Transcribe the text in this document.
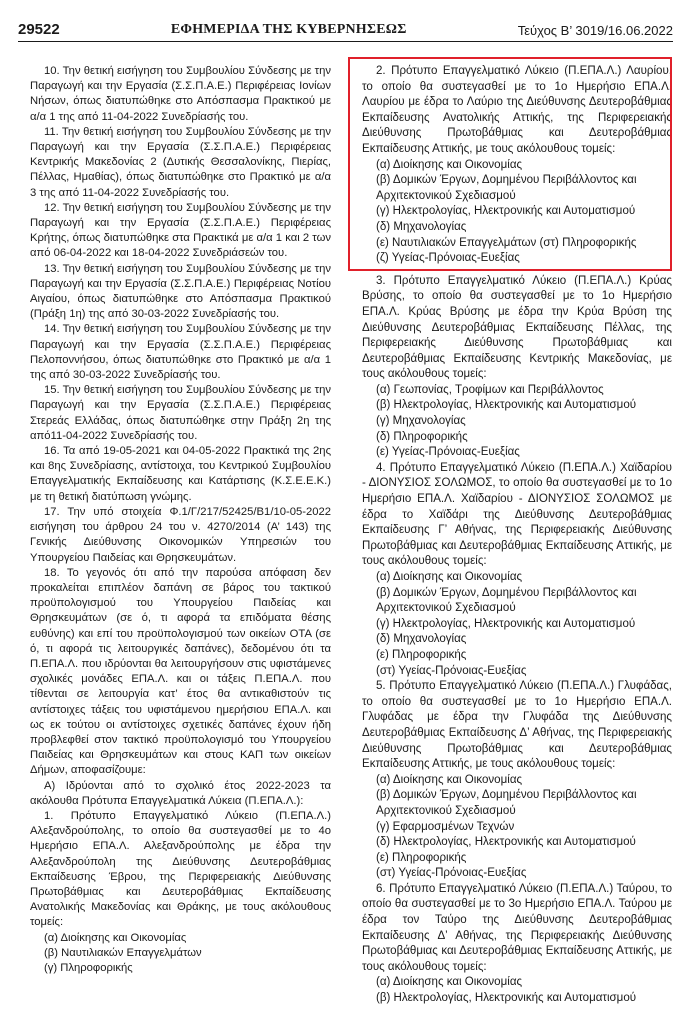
29522	ΕΦΗΜΕΡΙΔΑ ΤΗΣ ΚΥΒΕΡΝΗΣΕΩΣ	Τεύχος Β’ 3019/16.06.2022

10. Την θετική εισήγηση του Συμβουλίου Σύνδεσης με την Παραγωγή και την Εργασία (Σ.Σ.Π.Α.Ε.) Περιφέρειας Ιονίων Νήσων, όπως διατυπώθηκε στο Απόσπασμα Πρακτικού με α/α 1 της από 11-04-2022 Συνεδρίασής του.

11. Την θετική εισήγηση του Συμβουλίου Σύνδεσης με την Παραγωγή και την Εργασία (Σ.Σ.Π.Α.Ε.) Περιφέρειας Κεντρικής Μακεδονίας 2 (Δυτικής Θεσσαλονίκης, Πιερίας, Πέλλας, Ημαθίας), όπως διατυπώθηκε στο Πρακτικό με α/α 3 της από 11-04-2022 Συνεδρίασής του.

12. Την θετική εισήγηση του Συμβουλίου Σύνδεσης με την Παραγωγή και την Εργασία (Σ.Σ.Π.Α.Ε.) Περιφέρειας Κρήτης, όπως διατυπώθηκε στα Πρακτικά με α/α 1 και 2 των από 06-04-2022 και 18-04-2022 Συνεδριάσεών του.

13. Την θετική εισήγηση του Συμβουλίου Σύνδεσης με την Παραγωγή και την Εργασία (Σ.Σ.Π.Α.Ε.) Περιφέρειας Νοτίου Αιγαίου, όπως διατυπώθηκε στο Απόσπασμα Πρακτικού (Πράξη 1η) της από 30-03-2022 Συνεδρίασής του.

14. Την θετική εισήγηση του Συμβουλίου Σύνδεσης με την Παραγωγή και την Εργασία (Σ.Σ.Π.Α.Ε.) Περιφέρειας Πελοποννήσου, όπως διατυπώθηκε στο Πρακτικό με α/α 1 της από 30-03-2022 Συνεδρίασής του.

15. Την θετική εισήγηση του Συμβουλίου Σύνδεσης με την Παραγωγή και την Εργασία (Σ.Σ.Π.Α.Ε.) Περιφέρειας Στερεάς Ελλάδας, όπως διατυπώθηκε στην Πράξη 2η της από11-04-2022 Συνεδρίασής του.

16. Τα από 19-05-2021 και 04-05-2022 Πρακτικά της 2ης και 8ης Συνεδρίασης, αντίστοιχα, του Κεντρικού Συμβουλίου Επαγγελματικής Εκπαίδευσης και Κατάρτισης (Κ.Σ.Ε.Ε.Κ.) με τη θετική διατύπωση γνώμης.

17. Την υπό στοιχεία Φ.1/Γ/217/52425/Β1/10-05-2022 εισήγηση του άρθρου 24 του ν. 4270/2014 (Α’ 143) της Γενικής Διεύθυνσης Οικονομικών Υπηρεσιών του Υπουργείου Παιδείας και Θρησκευμάτων.

18. Το γεγονός ότι από την παρούσα απόφαση δεν προκαλείται επιπλέον δαπάνη σε βάρος του τακτικού προϋπολογισμού του Υπουργείου Παιδείας και Θρησκευμάτων (σε ό, τι αφορά τα επιδόματα θέσης ευθύνης) και επί του προϋπολογισμού των οικείων ΟΤΑ (σε ό, τι αφορά τις λειτουργικές δαπάνες), δεδομένου ότι τα Π.ΕΠΑ.Λ. που ιδρύονται θα λειτουργήσουν στις υφιστάμενες σχολικές μονάδες ΕΠΑ.Λ. και οι τάξεις Π.ΕΠΑ.Λ. που τίθενται σε λειτουργία κατ’ έτος θα αντικαθιστούν τις αντίστοιχες τάξεις του υφιστάμενου ημερήσιου ΕΠΑ.Λ. και ως εκ τούτου οι αντίστοιχες σχετικές δαπάνες έχουν ήδη προβλεφθεί στον τακτικό προϋπολογισμό του Υπουργείου Παιδείας και Θρησκευμάτων και στους ΚΑΠ των οικείων Δήμων, αποφασίζουμε:

Α) Ιδρύονται από το σχολικό έτος 2022-2023 τα ακόλουθα Πρότυπα Επαγγελματικά Λύκεια (Π.ΕΠΑ.Λ.):

1. Πρότυπο Επαγγελματικό Λύκειο (Π.ΕΠΑ.Λ.) Αλεξανδρούπολης, το οποίο θα συστεγασθεί με το 4ο Ημερήσιο ΕΠΑ.Λ. Αλεξανδρούπολης με έδρα την Αλεξανδρούπολη της Διεύθυνσης Δευτεροβάθμιας Εκπαίδευσης Έβρου, της Περιφερειακής Διεύθυνσης Πρωτοβάθμιας και Δευτεροβάθμιας Εκπαίδευσης Ανατολικής Μακεδονίας και Θράκης, με τους ακόλουθους τομείς:

(α) Διοίκησης και Οικονομίας

(β) Ναυτιλιακών Επαγγελμάτων

(γ) Πληροφορικής

2. Πρότυπο Επαγγελματικό Λύκειο (Π.ΕΠΑ.Λ.) Λαυρίου, το οποίο θα συστεγασθεί με το 1ο Ημερήσιο ΕΠΑ.Λ. Λαυρίου με έδρα το Λαύριο της Διεύθυνσης Δευτεροβάθμιας Εκπαίδευσης Ανατολικής Αττικής, της Περιφερειακής Διεύθυνσης Πρωτοβάθμιας και Δευτεροβάθμιας Εκπαίδευσης Αττικής, με τους ακόλουθους τομείς:

(α) Διοίκησης και Οικονομίας

(β) Δομικών Έργων, Δομημένου Περιβάλλοντος και Αρχιτεκτονικού Σχεδιασμού

(γ) Ηλεκτρολογίας, Ηλεκτρονικής και Αυτοματισμού

(δ) Μηχανολογίας

(ε) Ναυτιλιακών Επαγγελμάτων (στ) Πληροφορικής

(ζ) Υγείας-Πρόνοιας-Ευεξίας

3. Πρότυπο Επαγγελματικό Λύκειο (Π.ΕΠΑ.Λ.) Κρύας Βρύσης, το οποίο θα συστεγασθεί με το 1ο Ημερήσιο ΕΠΑ.Λ. Κρύας Βρύσης με έδρα την Κρύα Βρύση της Διεύθυνσης Δευτεροβάθμιας Εκπαίδευσης Πέλλας, της Περιφερειακής Διεύθυνσης Πρωτοβάθμιας και Δευτεροβάθμιας Εκπαίδευσης Κεντρικής Μακεδονίας, με τους ακόλουθους τομείς:

(α) Γεωπονίας, Τροφίμων και Περιβάλλοντος

(β) Ηλεκτρολογίας, Ηλεκτρονικής και Αυτοματισμού

(γ) Μηχανολογίας

(δ) Πληροφορικής

(ε) Υγείας-Πρόνοιας-Ευεξίας

4. Πρότυπο Επαγγελματικό Λύκειο (Π.ΕΠΑ.Λ.) Χαϊδαρίου - ΔΙΟΝΥΣΙΟΣ ΣΟΛΩΜΟΣ, το οποίο θα συστεγασθεί με το 1ο Ημερήσιο ΕΠΑ.Λ. Χαϊδαρίου - ΔΙΟΝΥΣΙΟΣ ΣΟΛΩΜΟΣ με έδρα το Χαϊδάρι της Διεύθυνσης Δευτεροβάθμιας Εκπαίδευσης Γ’ Αθήνας, της Περιφερειακής Διεύθυνσης Πρωτοβάθμιας και Δευτεροβάθμιας Εκπαίδευσης Αττικής, με τους ακόλουθους τομείς:

(α) Διοίκησης και Οικονομίας

(β) Δομικών Έργων, Δομημένου Περιβάλλοντος και Αρχιτεκτονικού Σχεδιασμού

(γ) Ηλεκτρολογίας, Ηλεκτρονικής και Αυτοματισμού

(δ) Μηχανολογίας

(ε) Πληροφορικής

(στ) Υγείας-Πρόνοιας-Ευεξίας

5. Πρότυπο Επαγγελματικό Λύκειο (Π.ΕΠΑ.Λ.) Γλυφάδας, το οποίο θα συστεγασθεί με το 1ο Ημερήσιο ΕΠΑ.Λ. Γλυφάδας με έδρα την Γλυφάδα της Διεύθυνσης Δευτεροβάθμιας Εκπαίδευσης Δ’ Αθήνας, της Περιφερειακής Διεύθυνσης Πρωτοβάθμιας και Δευτεροβάθμιας Εκπαίδευσης Αττικής, με τους ακόλουθους τομείς:

(α) Διοίκησης και Οικονομίας

(β) Δομικών Έργων, Δομημένου Περιβάλλοντος και Αρχιτεκτονικού Σχεδιασμού

(γ) Εφαρμοσμένων Τεχνών

(δ) Ηλεκτρολογίας, Ηλεκτρονικής και Αυτοματισμού

(ε) Πληροφορικής

(στ) Υγείας-Πρόνοιας-Ευεξίας

6. Πρότυπο Επαγγελματικό Λύκειο (Π.ΕΠΑ.Λ.) Ταύρου, το οποίο θα συστεγασθεί με το 3ο Ημερήσιο ΕΠΑ.Λ. Ταύρου με έδρα τον Ταύρο της Διεύθυνσης Δευτεροβάθμιας Εκπαίδευσης Δ’ Αθήνας, της Περιφερειακής Διεύθυνσης Πρωτοβάθμιας και Δευτεροβάθμιας Εκπαίδευσης Αττικής, με τους ακόλουθους τομείς:

(α) Διοίκησης και Οικονομίας

(β) Ηλεκτρολογίας, Ηλεκτρονικής και Αυτοματισμού
